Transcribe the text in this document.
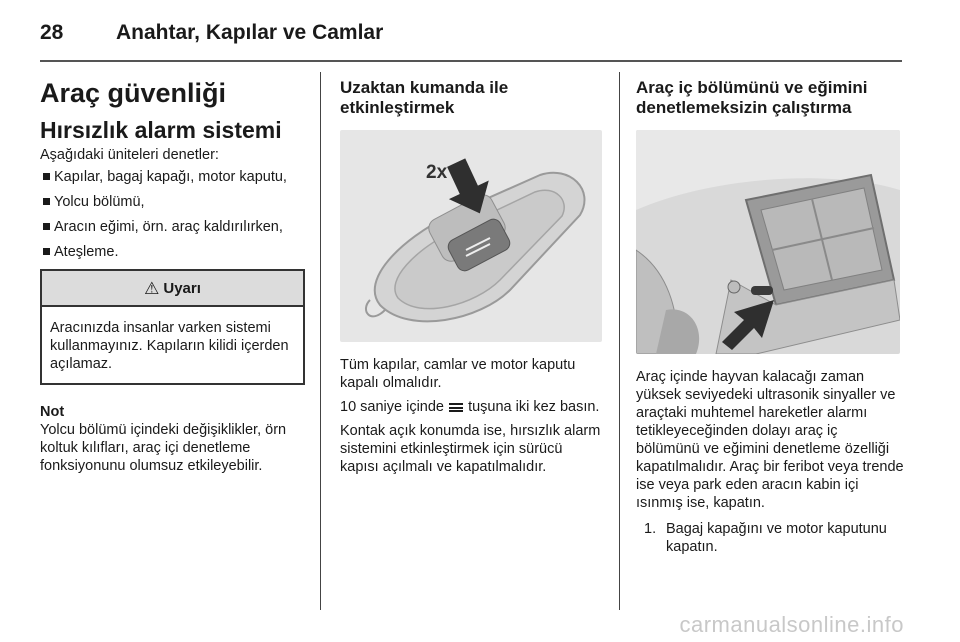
28	Anahtar, Kapılar ve Camlar
Araç güvenliği
Hırsızlık alarm sistemi

Aşağıdaki üniteleri denetler:

Kapılar, bagaj kapağı, motor kaputu,
Yolcu bölümü,
Aracın eğimi, örn. araç kaldırılırken,
Ateşleme.
⚠ Uyarı
Aracınızda insanlar varken sistemi kullanmayınız. Kapıların kilidi içerden açılamaz.
Not

Yolcu bölümü içindeki değişiklikler, örn koltuk kılıfları, araç içi denetleme fonksiyonunu olumsuz etkileyebilir.

Uzaktan kumanda ile etkinleştirmek
2x

Tüm kapılar, camlar ve motor kaputu kapalı olmalıdır.

10 saniye içinde tuşuna iki kez basın.

Kontak açık konumda ise, hırsızlık alarm sistemini etkinleştirmek için sürücü kapısı açılmalı ve kapatılmalıdır.

Araç iç bölümünü ve eğimini denetlemeksizin çalıştırma

Araç içinde hayvan kalacağı zaman yüksek seviyedeki ultrasonik sinyaller ve araçtaki muhtemel hareketler alarmı tetikleyeceğinden dolayı araç iç bölümünü ve eğimini denetleme özelliği kapatılmalıdır. Araç bir feribot veya trende ise veya park eden aracın kabin içi ısınmış ise, kapatın.

1. Bagaj kapağını ve motor kaputunu kapatın.
carmanualsonline.info
